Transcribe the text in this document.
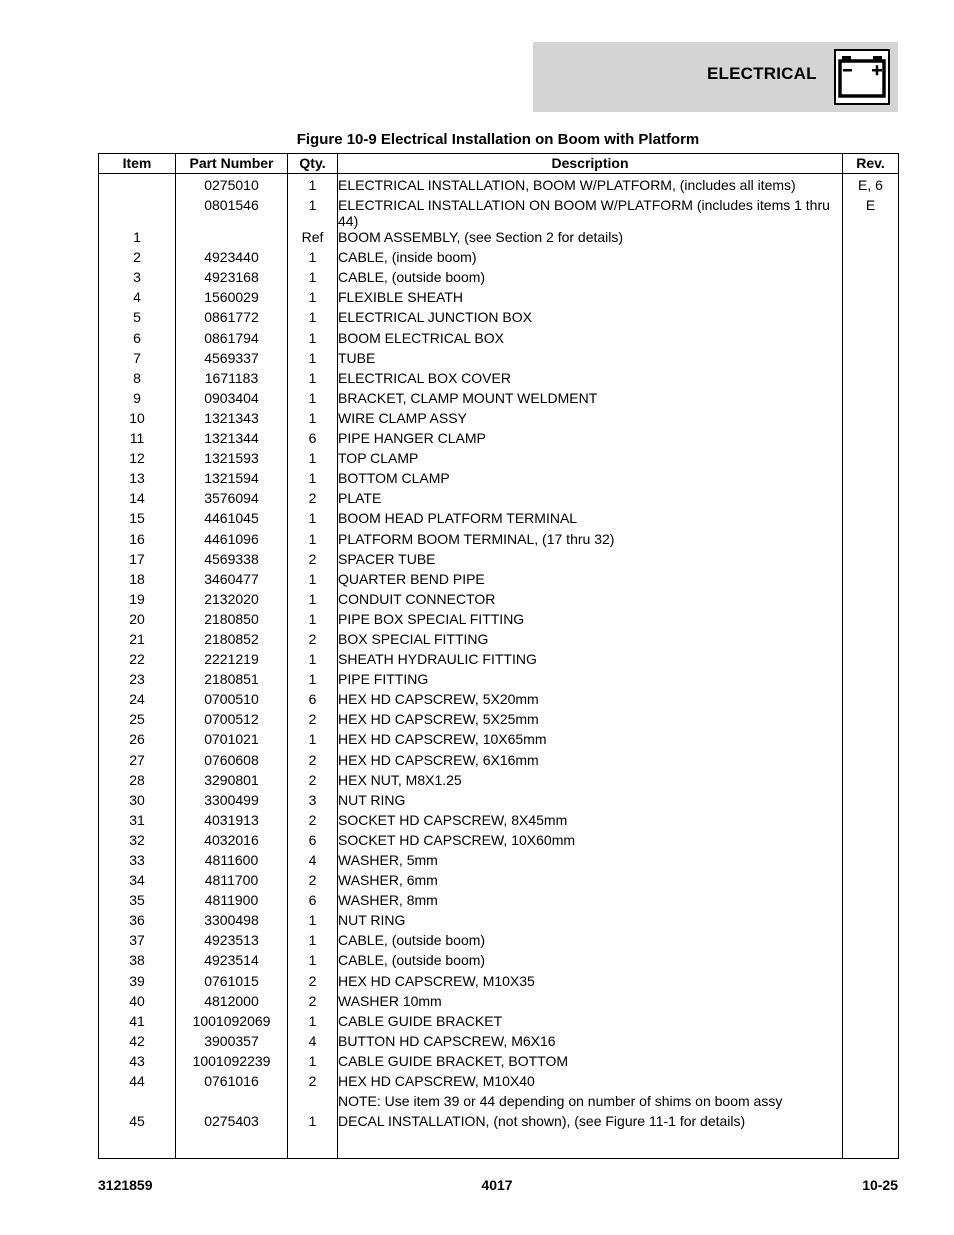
ELECTRICAL
Figure 10-9 Electrical Installation on Boom with Platform
Item	Part Number	Qty.	Description	Rev.
	0275010	1	ELECTRICAL INSTALLATION, BOOM W/PLATFORM, (includes all items)	E, 6
	0801546	1	ELECTRICAL INSTALLATION ON BOOM W/PLATFORM (includes items 1 thru 44)	E
1		Ref	BOOM ASSEMBLY, (see Section 2 for details)	
2	4923440	1	CABLE, (inside boom)	
3	4923168	1	CABLE, (outside boom)	
4	1560029	1	FLEXIBLE SHEATH	
5	0861772	1	ELECTRICAL JUNCTION BOX	
6	0861794	1	BOOM ELECTRICAL BOX	
7	4569337	1	TUBE	
8	1671183	1	ELECTRICAL BOX COVER	
9	0903404	1	BRACKET, CLAMP MOUNT WELDMENT	
10	1321343	1	WIRE CLAMP ASSY	
11	1321344	6	PIPE HANGER CLAMP	
12	1321593	1	TOP CLAMP	
13	1321594	1	BOTTOM CLAMP	
14	3576094	2	PLATE	
15	4461045	1	BOOM HEAD PLATFORM TERMINAL	
16	4461096	1	PLATFORM BOOM TERMINAL, (17 thru 32)	
17	4569338	2	SPACER TUBE	
18	3460477	1	QUARTER BEND PIPE	
19	2132020	1	CONDUIT CONNECTOR	
20	2180850	1	PIPE BOX SPECIAL FITTING	
21	2180852	2	BOX SPECIAL FITTING	
22	2221219	1	SHEATH HYDRAULIC FITTING	
23	2180851	1	PIPE FITTING	
24	0700510	6	HEX HD CAPSCREW, 5X20mm	
25	0700512	2	HEX HD CAPSCREW, 5X25mm	
26	0701021	1	HEX HD CAPSCREW, 10X65mm	
27	0760608	2	HEX HD CAPSCREW, 6X16mm	
28	3290801	2	HEX NUT, M8X1.25	
30	3300499	3	NUT RING	
31	4031913	2	SOCKET HD CAPSCREW, 8X45mm	
32	4032016	6	SOCKET HD CAPSCREW, 10X60mm	
33	4811600	4	WASHER, 5mm	
34	4811700	2	WASHER, 6mm	
35	4811900	6	WASHER, 8mm	
36	3300498	1	NUT RING	
37	4923513	1	CABLE, (outside boom)	
38	4923514	1	CABLE, (outside boom)	
39	0761015	2	HEX HD CAPSCREW, M10X35	
40	4812000	2	WASHER 10mm	
41	1001092069	1	CABLE GUIDE BRACKET	
42	3900357	4	BUTTON HD CAPSCREW, M6X16	
43	1001092239	1	CABLE GUIDE BRACKET, BOTTOM	
44	0761016	2	HEX HD CAPSCREW, M10X40	
			NOTE: Use item 39 or 44 depending on number of shims on boom assy	
45	0275403	1	DECAL INSTALLATION, (not shown), (see Figure 11-1 for details)	
3121859	4017	10-25
